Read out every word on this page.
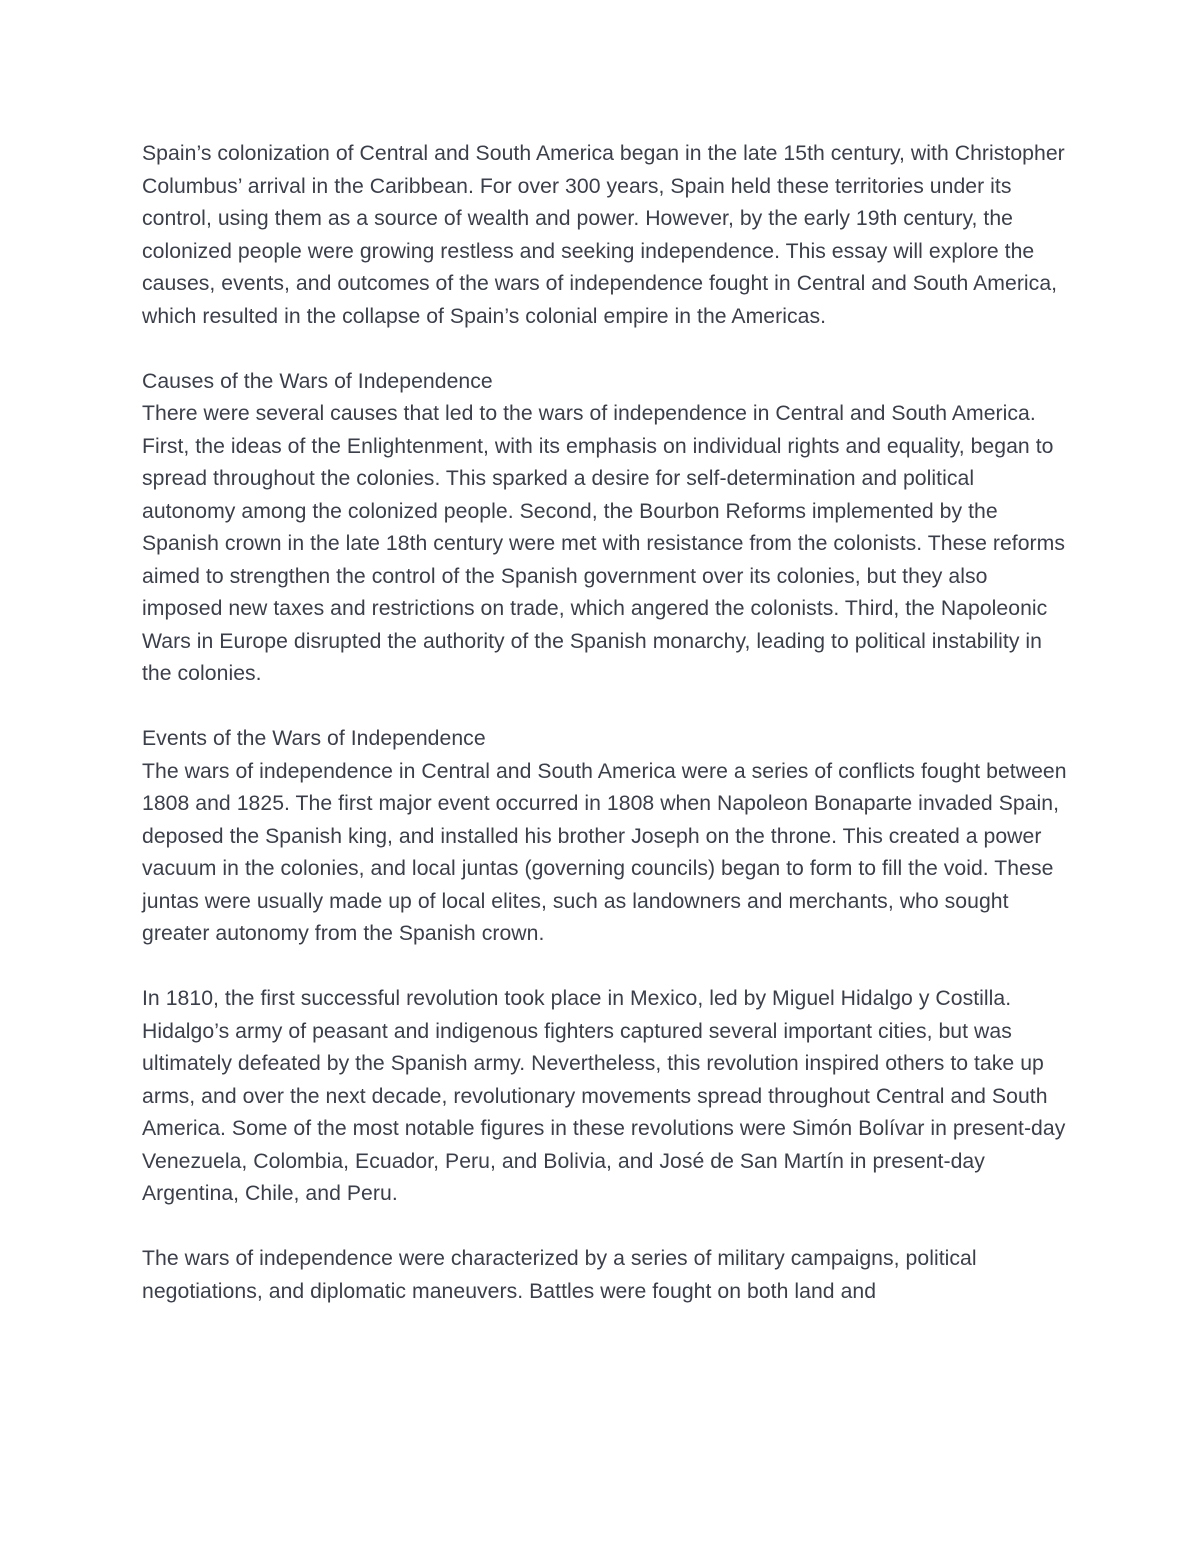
Spain’s colonization of Central and South America began in the late 15th century, with Christopher Columbus’ arrival in the Caribbean. For over 300 years, Spain held these territories under its control, using them as a source of wealth and power. However, by the early 19th century, the colonized people were growing restless and seeking independence. This essay will explore the causes, events, and outcomes of the wars of independence fought in Central and South America, which resulted in the collapse of Spain’s colonial empire in the Americas.

Causes of the Wars of Independence
There were several causes that led to the wars of independence in Central and South America. First, the ideas of the Enlightenment, with its emphasis on individual rights and equality, began to spread throughout the colonies. This sparked a desire for self-determination and political autonomy among the colonized people. Second, the Bourbon Reforms implemented by the Spanish crown in the late 18th century were met with resistance from the colonists. These reforms aimed to strengthen the control of the Spanish government over its colonies, but they also imposed new taxes and restrictions on trade, which angered the colonists. Third, the Napoleonic Wars in Europe disrupted the authority of the Spanish monarchy, leading to political instability in the colonies.
Events of the Wars of Independence
The wars of independence in Central and South America were a series of conflicts fought between 1808 and 1825. The first major event occurred in 1808 when Napoleon Bonaparte invaded Spain, deposed the Spanish king, and installed his brother Joseph on the throne. This created a power vacuum in the colonies, and local juntas (governing councils) began to form to fill the void. These juntas were usually made up of local elites, such as landowners and merchants, who sought greater autonomy from the Spanish crown.

In 1810, the first successful revolution took place in Mexico, led by Miguel Hidalgo y Costilla. Hidalgo’s army of peasant and indigenous fighters captured several important cities, but was ultimately defeated by the Spanish army. Nevertheless, this revolution inspired others to take up arms, and over the next decade, revolutionary movements spread throughout Central and South America. Some of the most notable figures in these revolutions were Simón Bolívar in present-day Venezuela, Colombia, Ecuador, Peru, and Bolivia, and José de San Martín in present-day Argentina, Chile, and Peru.

The wars of independence were characterized by a series of military campaigns, political negotiations, and diplomatic maneuvers. Battles were fought on both land and
